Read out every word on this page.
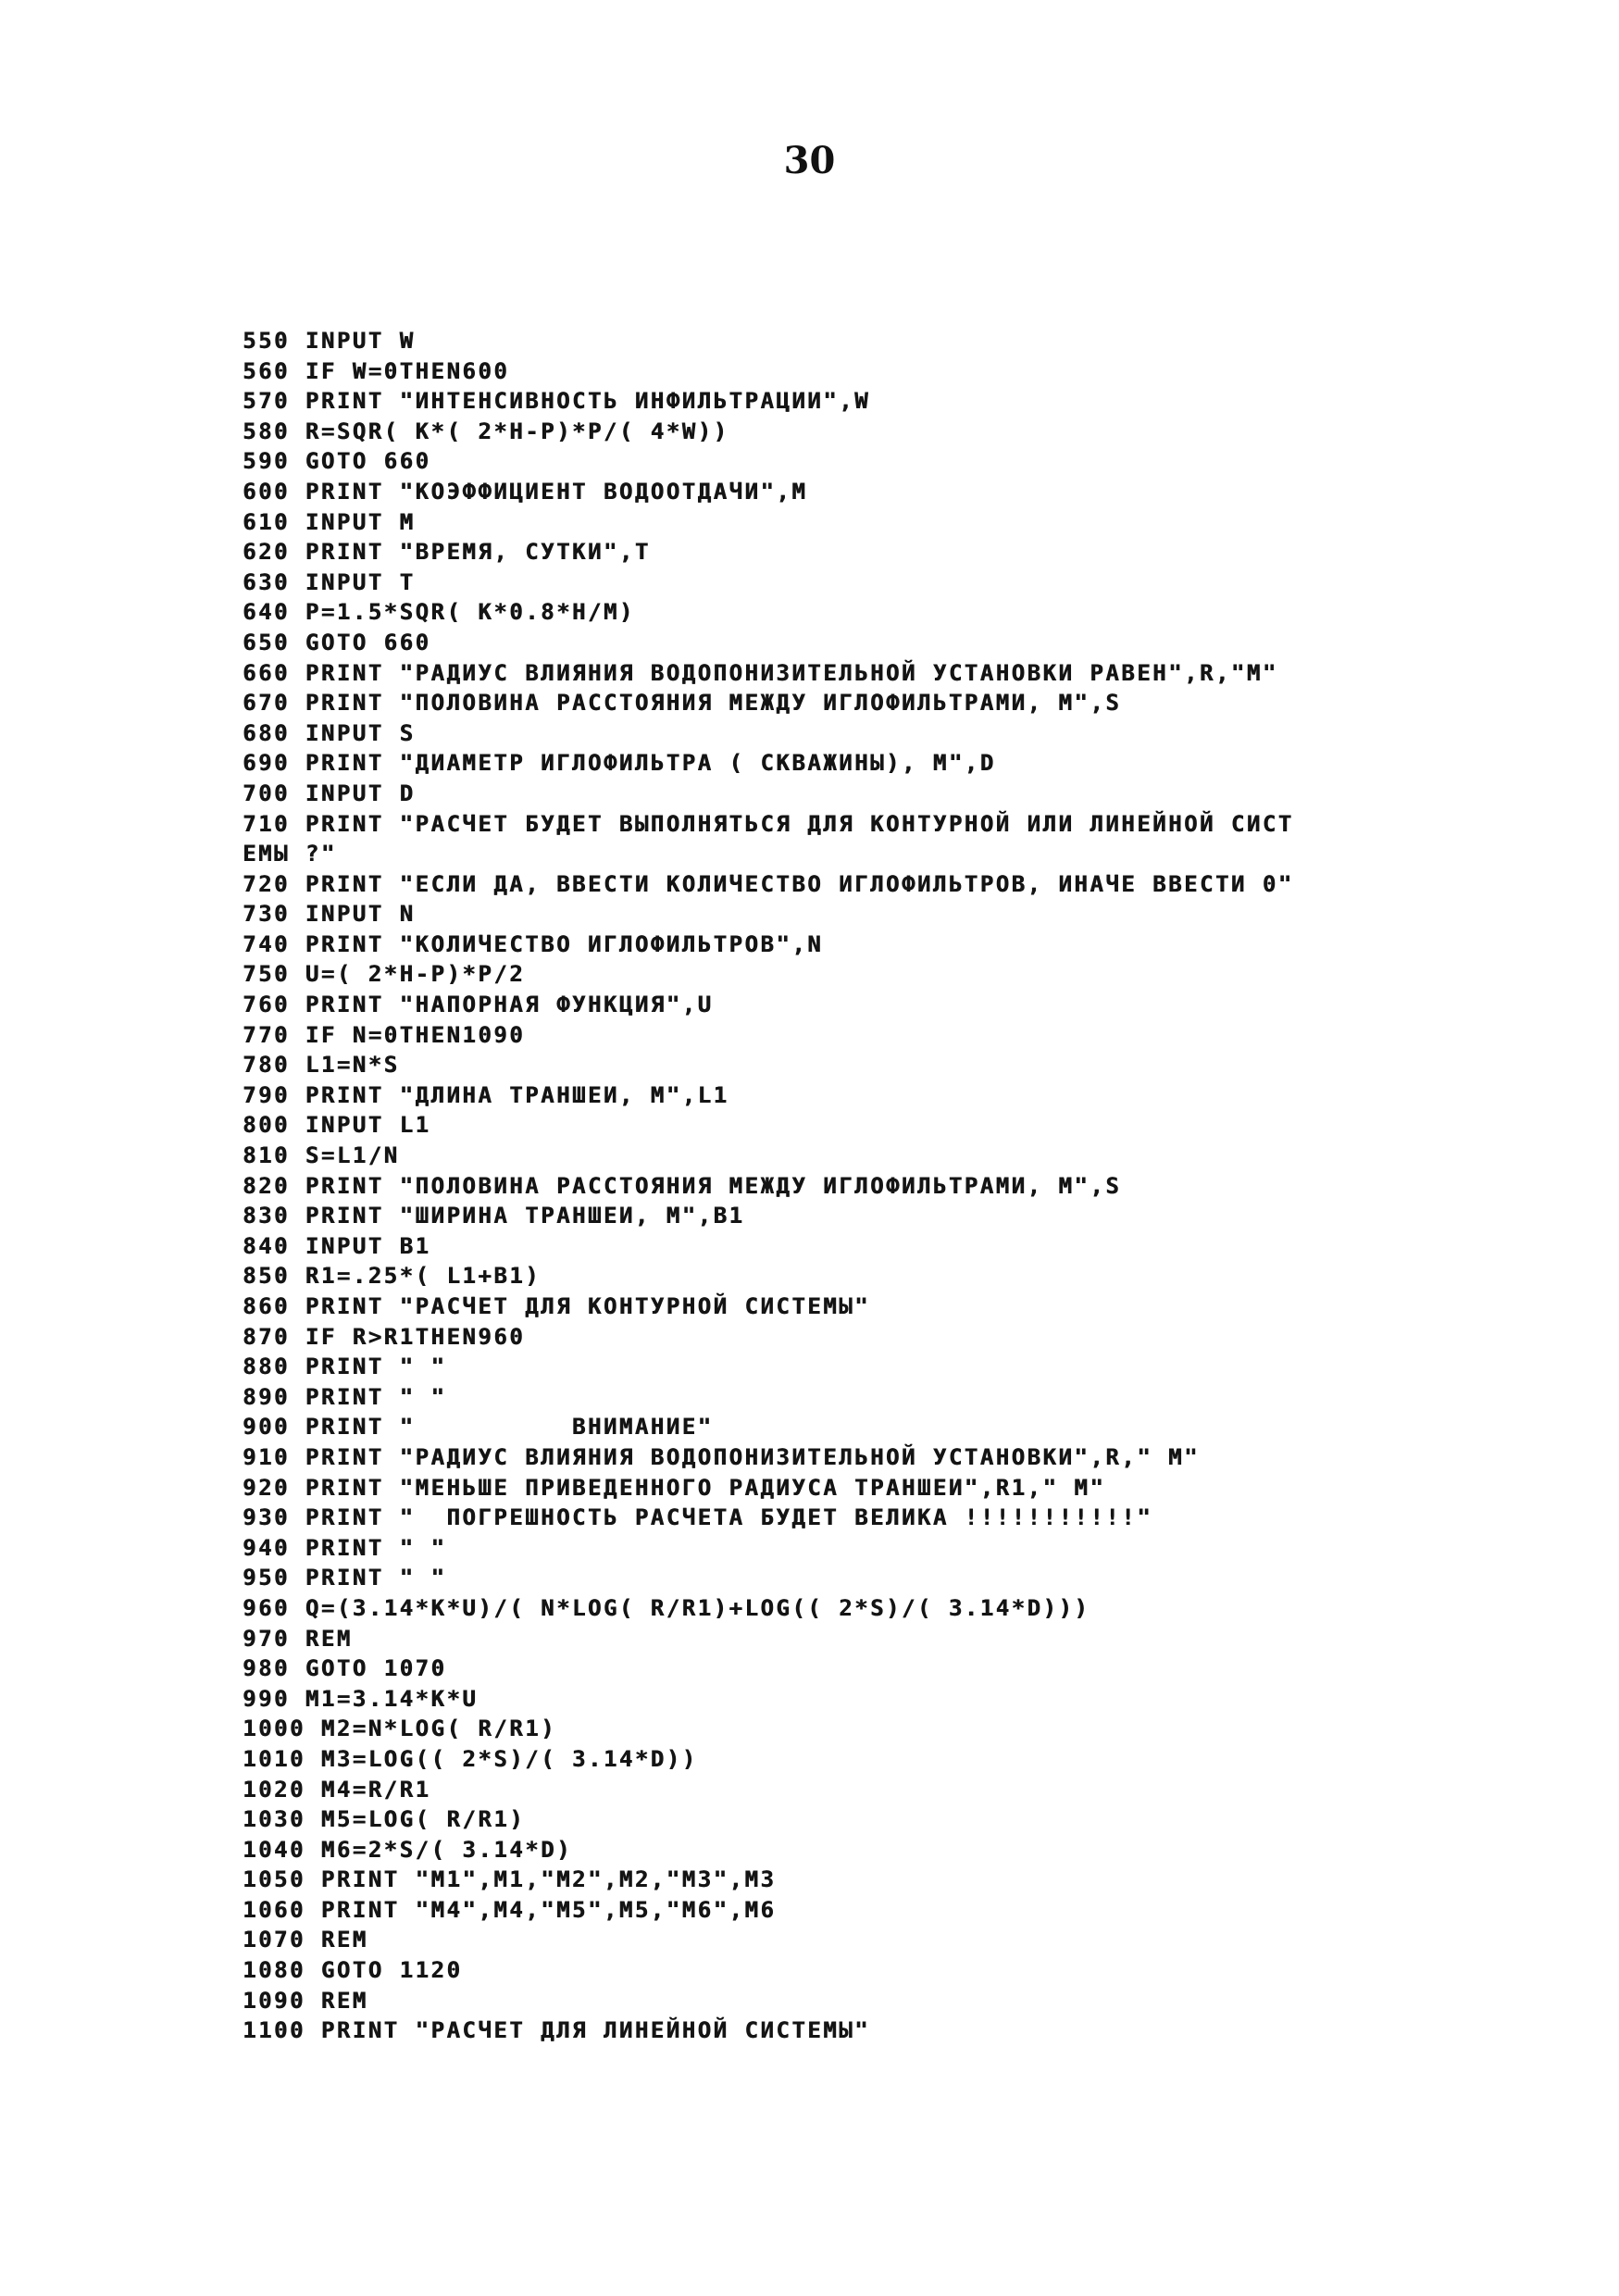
30
550 INPUT W
560 IF W=0THEN600
570 PRINT "ИНТЕНСИВНОСТЬ ИНФИЛЬТРАЦИИ",W
580 R=SQR( K*( 2*H-P)*P/( 4*W))
590 GOTO 660
600 PRINT "КОЭФФИЦИЕНТ ВОДООТДАЧИ",M
610 INPUT M
620 PRINT "ВРЕМЯ, СУТКИ",T
630 INPUT T
640 P=1.5*SQR( K*0.8*H/M)
650 GOTO 660
660 PRINT "РАДИУС ВЛИЯНИЯ ВОДОПОНИЗИТЕЛЬНОЙ УСТАНОВКИ РАВЕН",R,"M"
670 PRINT "ПОЛОВИНА РАССТОЯНИЯ МЕЖДУ ИГЛОФИЛЬТРАМИ, M",S
680 INPUT S
690 PRINT "ДИАМЕТР ИГЛОФИЛЬТРА ( СКВАЖИНЫ), M",D
700 INPUT D
710 PRINT "РАСЧЕТ БУДЕТ ВЫПОЛНЯТЬСЯ ДЛЯ КОНТУРНОЙ ИЛИ ЛИНЕЙНОЙ СИСТ
ЕМЫ ?"
720 PRINT "ЕСЛИ ДА, ВВЕСТИ КОЛИЧЕСТВО ИГЛОФИЛЬТРОВ, ИНАЧЕ ВВЕСТИ 0"
730 INPUT N
740 PRINT "КОЛИЧЕСТВО ИГЛОФИЛЬТРОВ",N
750 U=( 2*H-P)*P/2
760 PRINT "НАПОРНАЯ ФУНКЦИЯ",U
770 IF N=0THEN1090
780 L1=N*S
790 PRINT "ДЛИНА ТРАНШЕИ, M",L1
800 INPUT L1
810 S=L1/N
820 PRINT "ПОЛОВИНА РАССТОЯНИЯ МЕЖДУ ИГЛОФИЛЬТРАМИ, M",S
830 PRINT "ШИРИНА ТРАНШЕИ, M",B1
840 INPUT B1
850 R1=.25*( L1+B1)
860 PRINT "РАСЧЕТ ДЛЯ КОНТУРНОЙ СИСТЕМЫ"
870 IF R>R1THEN960
880 PRINT " "
890 PRINT " "
900 PRINT "          ВНИМАНИЕ"
910 PRINT "РАДИУС ВЛИЯНИЯ ВОДОПОНИЗИТЕЛЬНОЙ УСТАНОВКИ",R," M"
920 PRINT "МЕНЬШЕ ПРИВЕДЕННОГО РАДИУСА ТРАНШЕИ",R1," M"
930 PRINT "  ПОГРЕШНОСТЬ РАСЧЕТА БУДЕТ ВЕЛИКА !!!!!!!!!!!"
940 PRINT " "
950 PRINT " "
960 Q=(3.14*K*U)/( N*LOG( R/R1)+LOG(( 2*S)/( 3.14*D)))
970 REM
980 GOTO 1070
990 M1=3.14*K*U
1000 M2=N*LOG( R/R1)
1010 M3=LOG(( 2*S)/( 3.14*D))
1020 M4=R/R1
1030 M5=LOG( R/R1)
1040 M6=2*S/( 3.14*D)
1050 PRINT "M1",M1,"M2",M2,"M3",M3
1060 PRINT "M4",M4,"M5",M5,"M6",M6
1070 REM
1080 GOTO 1120
1090 REM
1100 PRINT "РАСЧЕТ ДЛЯ ЛИНЕЙНОЙ СИСТЕМЫ"
